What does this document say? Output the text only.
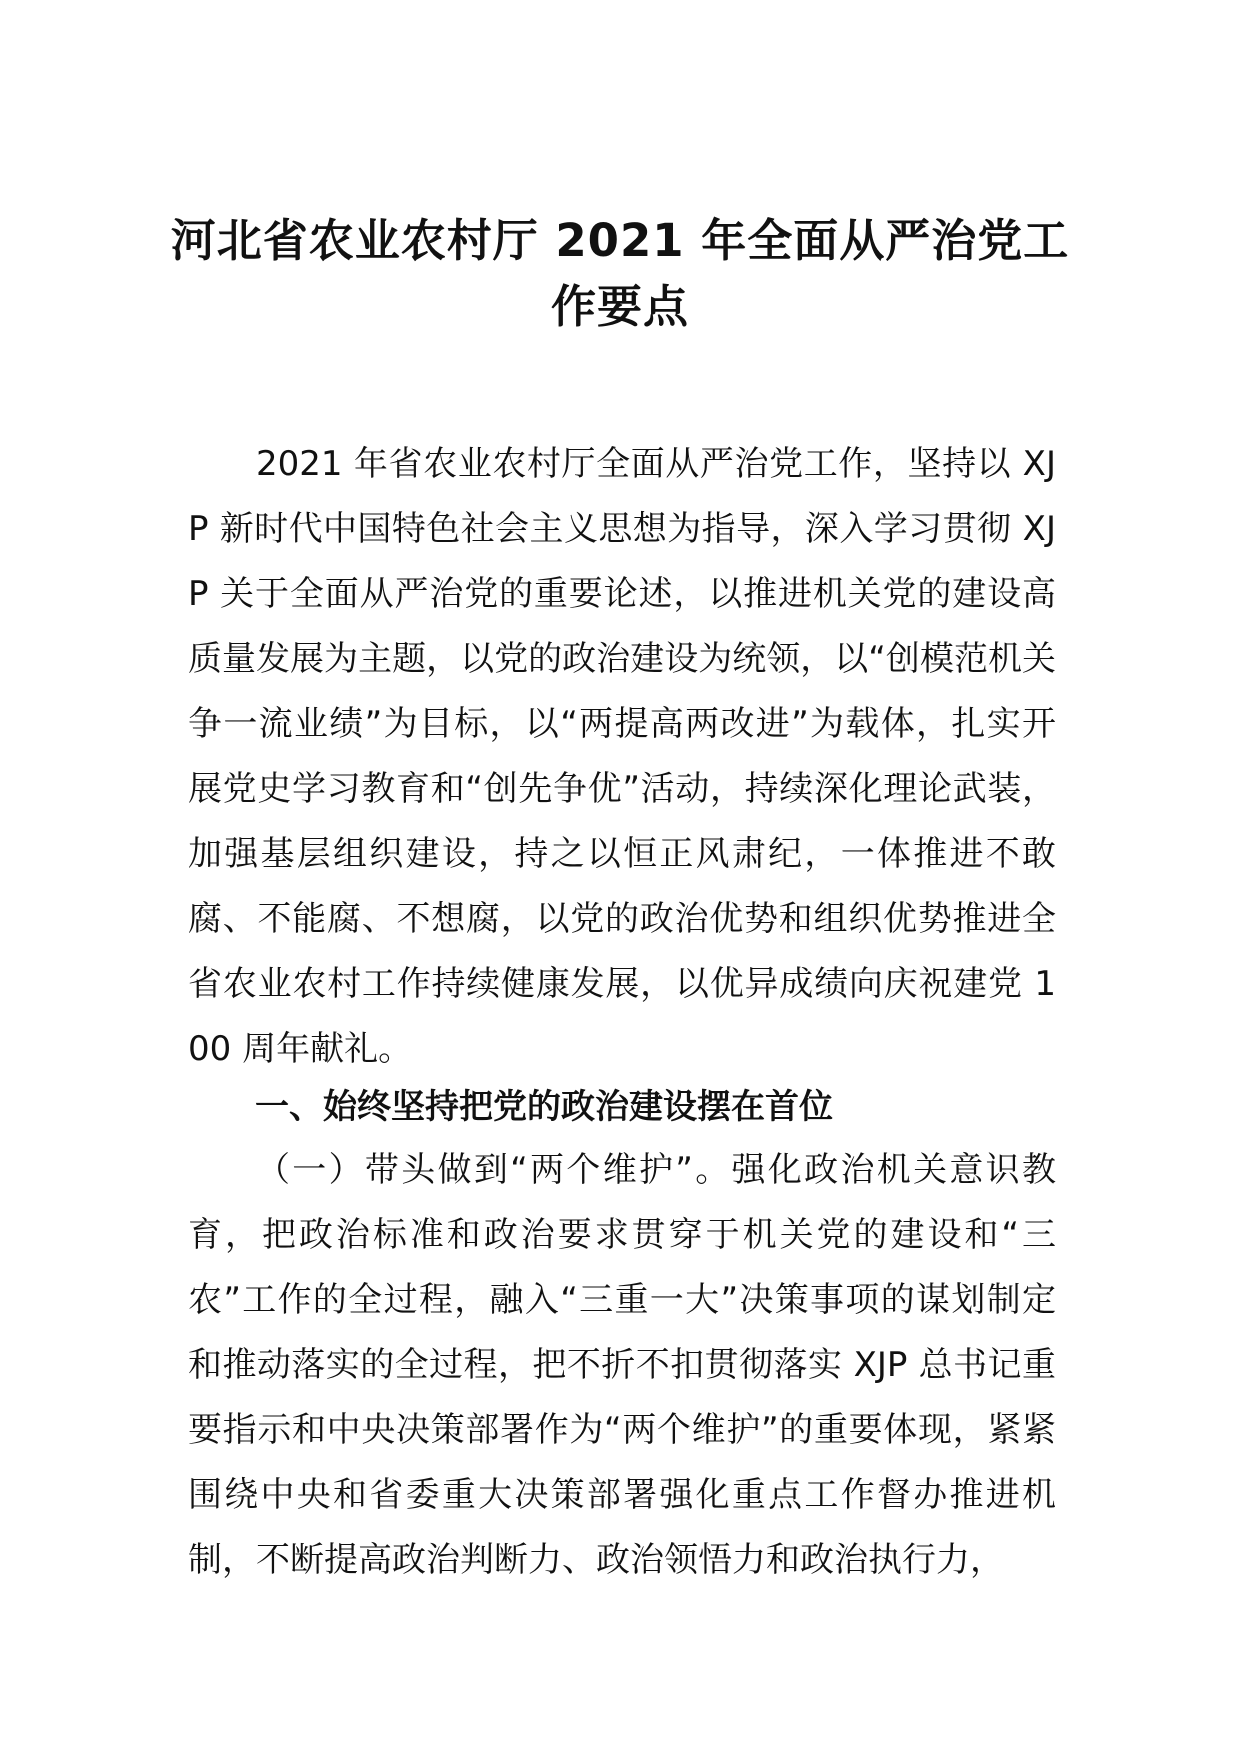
河北省农业农村厅 2021 年全面从严治党工
作要点
2021 年省农业农村厅全面从严治党工作，坚持以 XJP 新时代中国特色社会主义思想为指导，深入学习贯彻 XJP 关于全面从严治党的重要论述，以推进机关党的建设高质量发展为主题，以党的政治建设为统领，以“创模范机关争一流业绩”为目标，以“两提高两改进”为载体，扎实开展党史学习教育和“创先争优”活动，持续深化理论武装，加强基层组织建设，持之以恒正风肃纪，一体推进不敢腐、不能腐、不想腐，以党的政治优势和组织优势推进全省农业农村工作持续健康发展，以优异成绩向庆祝建党 100 周年献礼。
一、始终坚持把党的政治建设摆在首位
（一）带头做到“两个维护”。强化政治机关意识教育，把政治标准和政治要求贯穿于机关党的建设和“三农”工作的全过程，融入“三重一大”决策事项的谋划制定和推动落实的全过程，把不折不扣贯彻落实 XJP 总书记重要指示和中央决策部署作为“两个维护”的重要体现，紧紧围绕中央和省委重大决策部署强化重点工作督办推进机制，不断提高政治判断力、政治领悟力和政治执行力，
